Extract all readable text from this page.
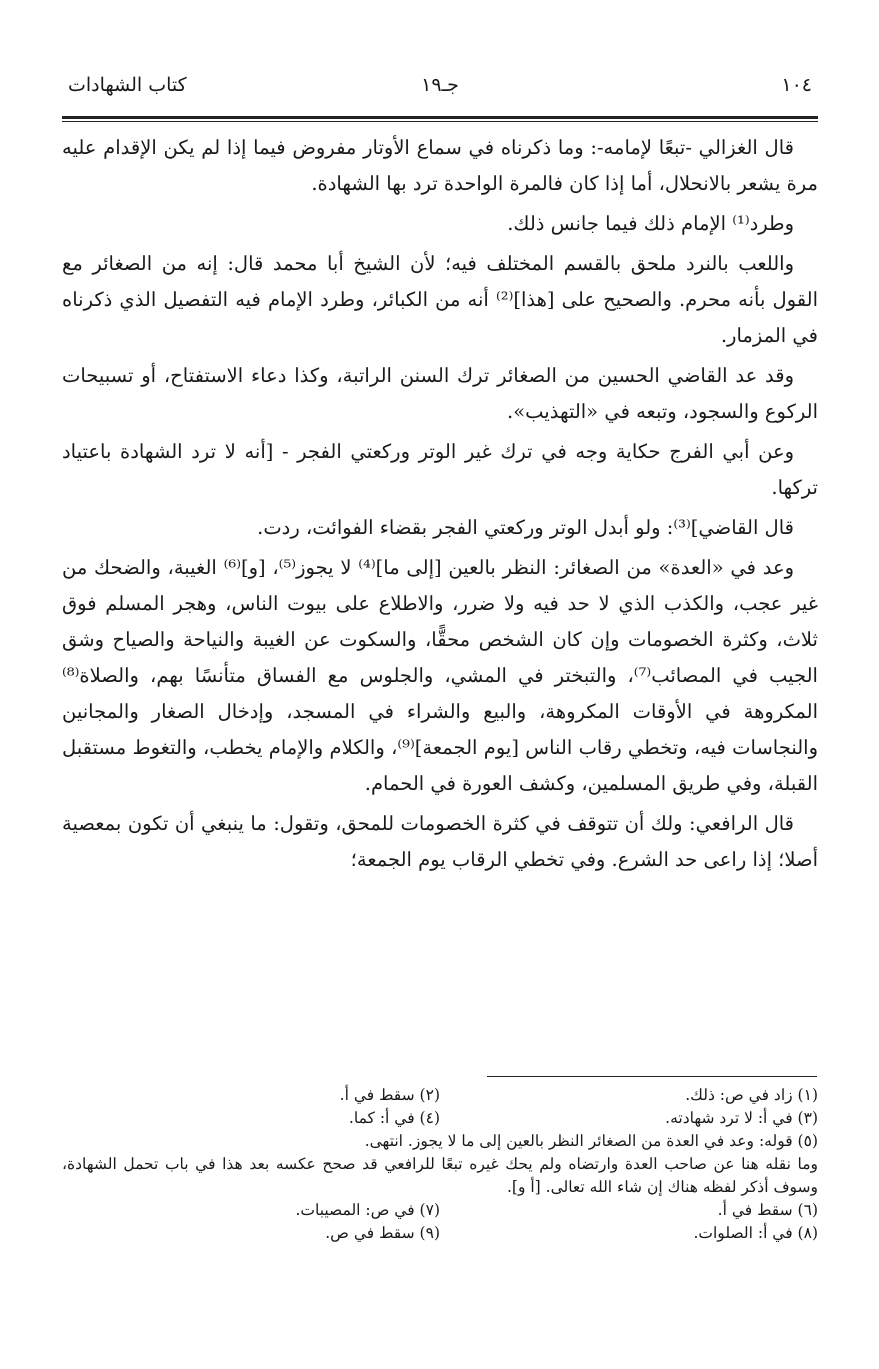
١٠٤
جـ١٩
كتاب الشهادات

قال الغزالي -تبعًا لإمامه-: وما ذكرناه في سماع الأوتار مفروض فيما إذا لم يكن الإقدام عليه مرة يشعر بالانحلال، أما إذا كان فالمرة الواحدة ترد بها الشهادة.

وطرد⁽¹⁾ الإمام ذلك فيما جانس ذلك.

واللعب بالنرد ملحق بالقسم المختلف فيه؛ لأن الشيخ أبا محمد قال: إنه من الصغائر مع القول بأنه محرم. والصحيح على [هذا]⁽²⁾ أنه من الكبائر، وطرد الإمام فيه التفصيل الذي ذكرناه في المزمار.

وقد عد القاضي الحسين من الصغائر ترك السنن الراتبة، وكذا دعاء الاستفتاح، أو تسبيحات الركوع والسجود، وتبعه في «التهذيب».

وعن أبي الفرج حكاية وجه في ترك غير الوتر وركعتي الفجر - [أنه لا ترد الشهادة باعتياد تركها.

قال القاضي]⁽³⁾: ولو أبدل الوتر وركعتي الفجر بقضاء الفوائت، ردت.

وعد في «العدة» من الصغائر: النظر بالعين [إلى ما]⁽⁴⁾ لا يجوز⁽⁵⁾، [و]⁽⁶⁾ الغيبة، والضحك من غير عجب، والكذب الذي لا حد فيه ولا ضرر، والاطلاع على بيوت الناس، وهجر المسلم فوق ثلاث، وكثرة الخصومات وإن كان الشخص محقًّا، والسكوت عن الغيبة والنياحة والصياح وشق الجيب في المصائب⁽⁷⁾، والتبختر في المشي، والجلوس مع الفساق متأنسًا بهم، والصلاة⁽⁸⁾ المكروهة في الأوقات المكروهة، والبيع والشراء في المسجد، وإدخال الصغار والمجانين والنجاسات فيه، وتخطي رقاب الناس [يوم الجمعة]⁽⁹⁾، والكلام والإمام يخطب، والتغوط مستقبل القبلة، وفي طريق المسلمين، وكشف العورة في الحمام.

قال الرافعي: ولك أن تتوقف في كثرة الخصومات للمحق، وتقول: ما ينبغي أن تكون بمعصية أصلا؛ إذا راعى حد الشرع. وفي تخطي الرقاب يوم الجمعة؛

(١) زاد في ص: ذلك.
(٢) سقط في أ.
(٣) في أ: لا ترد شهادته.
(٤) في أ: كما.
(٥) قوله: وعد في العدة من الصغائر النظر بالعين إلى ما لا يجوز. انتهى.
وما نقله هنا عن صاحب العدة وارتضاه ولم يحك غيره تبعًا للرافعي قد صحح عكسه بعد هذا في باب تحمل الشهادة، وسوف أذكر لفظه هناك إن شاء الله تعالى. [أ و].
(٦) سقط في أ.
(٧) في ص: المصيبات.
(٨) في أ: الصلوات.
(٩) سقط في ص.
